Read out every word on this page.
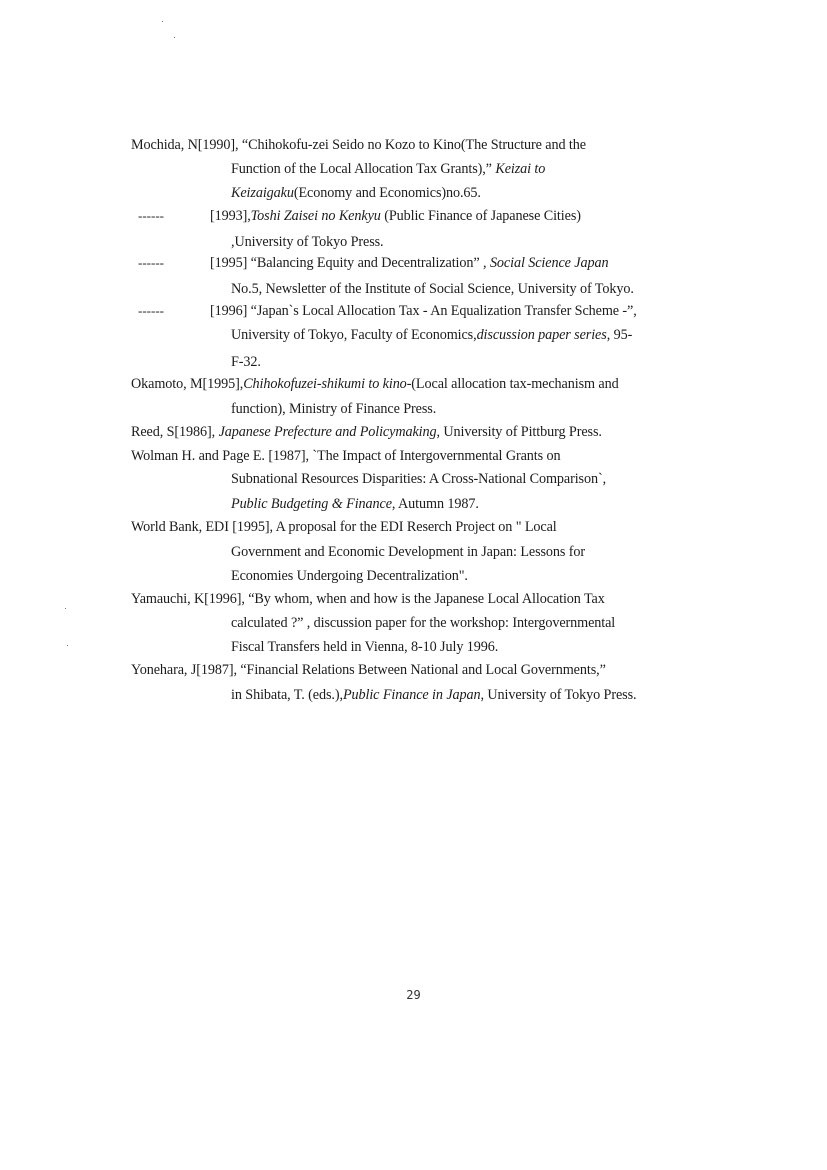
Mochida, N[1990], “Chihokofu-zei Seido no Kozo to Kino(The Structure and the
Function of the Local Allocation Tax Grants),” Keizai to
Keizaigaku(Economy and Economics)no.65.
------	[1993],Toshi Zaisei no Kenkyu (Public Finance of Japanese Cities)
,University of Tokyo Press.
------	[1995] “Balancing Equity and Decentralization” , Social Science Japan
No.5, Newsletter of the Institute of Social Science, University of Tokyo.
------	[1996] “Japan`s Local Allocation Tax - An Equalization Transfer Scheme -”,
University of Tokyo, Faculty of Economics,discussion paper series, 95-
F-32.
Okamoto, M[1995],Chihokofuzei-shikumi to kino-(Local allocation tax-mechanism and
function), Ministry of Finance Press.
Reed, S[1986], Japanese Prefecture and Policymaking, University of Pittburg Press.
Wolman H. and Page E. [1987], `The Impact of Intergovernmental Grants on
Subnational Resources Disparities: A Cross-National Comparison`,
Public Budgeting & Finance, Autumn 1987.
World Bank, EDI [1995], A proposal for the EDI Reserch Project on " Local
Government and Economic Development in Japan: Lessons for
Economies Undergoing Decentralization".
Yamauchi, K[1996], “By whom, when and how is the Japanese Local Allocation Tax
calculated ?” , discussion paper for the workshop: Intergovernmental
Fiscal Transfers held in Vienna, 8-10 July 1996.
Yonehara, J[1987], “Financial Relations Between National and Local Governments,”
in Shibata, T. (eds.),Public Finance in Japan, University of Tokyo Press.
29
